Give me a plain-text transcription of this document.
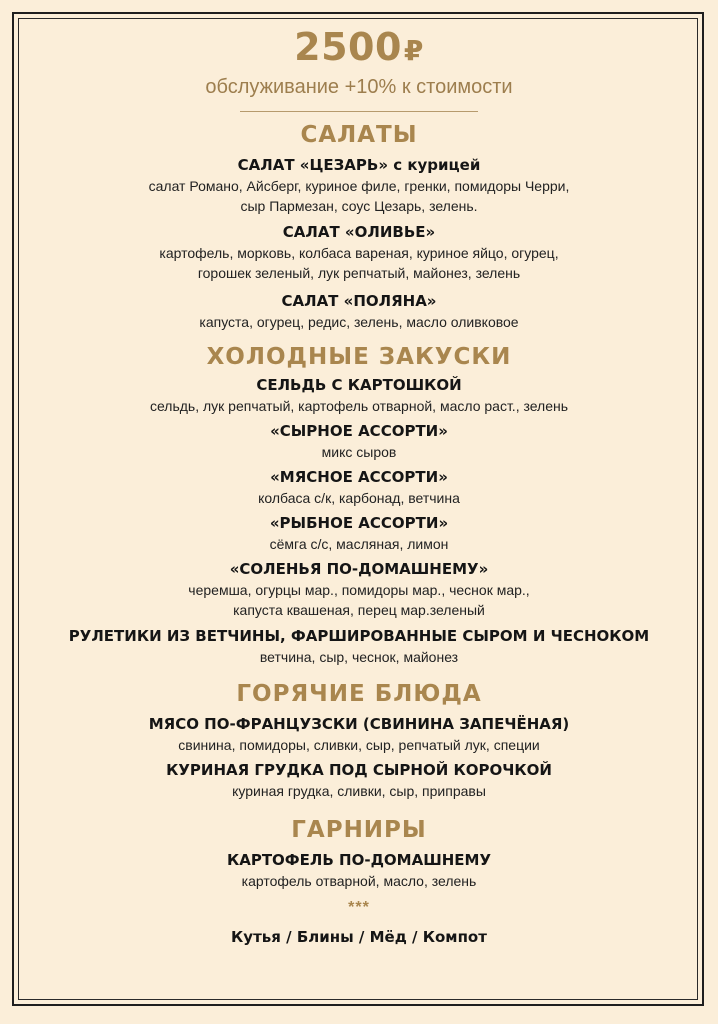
2500 ₽
обслуживание +10% к стоимости
САЛАТЫ
САЛАТ «ЦЕЗАРЬ» с курицей
салат Романо, Айсберг, куриное филе, гренки, помидоры Черри,
сыр Пармезан, соус Цезарь, зелень.
САЛАТ «ОЛИВЬЕ»
картофель, морковь, колбаса вареная, куриное яйцо, огурец,
горошек зеленый, лук репчатый, майонез, зелень
САЛАТ «ПОЛЯНА»
капуста, огурец, редис, зелень, масло оливковое
ХОЛОДНЫЕ ЗАКУСКИ
СЕЛЬДЬ С КАРТОШКОЙ
сельдь, лук репчатый, картофель отварной, масло раст., зелень
«СЫРНОЕ АССОРТИ»
микс сыров
«МЯСНОЕ АССОРТИ»
колбаса с/к, карбонад, ветчина
«РЫБНОЕ АССОРТИ»
сёмга с/с, масляная, лимон
«СОЛЕНЬЯ ПО-ДОМАШНЕМУ»
черемша, огурцы мар., помидоры мар., чеснок мар.,
капуста квашеная, перец мар.зеленый
РУЛЕТИКИ ИЗ ВЕТЧИНЫ, ФАРШИРОВАННЫЕ СЫРОМ И ЧЕСНОКОМ
ветчина, сыр, чеснок, майонез
ГОРЯЧИЕ БЛЮДА
МЯСО ПО-ФРАНЦУЗСКИ (СВИНИНА ЗАПЕЧЁНАЯ)
свинина, помидоры, сливки, сыр, репчатый лук, специи
КУРИНАЯ ГРУДКА ПОД СЫРНОЙ КОРОЧКОЙ
куриная грудка, сливки, сыр, приправы
ГАРНИРЫ
КАРТОФЕЛЬ ПО-ДОМАШНЕМУ
картофель отварной, масло, зелень
***
Кутья / Блины / Мёд / Компот
